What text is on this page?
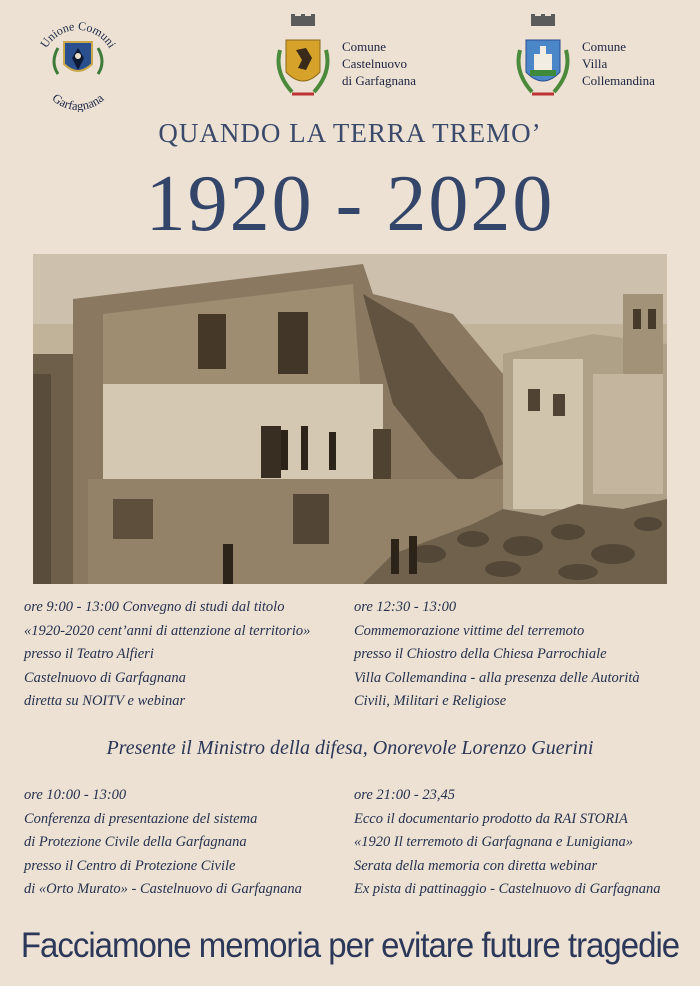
Unione Comuni
Garfagnana
Comune
Castelnuovo
di Garfagnana
Comune
Villa
Collemandina
QUANDO LA TERRA TREMO’
1920 - 2020
ore 9:00 - 13:00 Convegno di studi dal titolo
«1920-2020 cent’anni di attenzione al territorio»
presso il Teatro Alfieri
Castelnuovo di Garfagnana
diretta su NOITV e webinar
ore 12:30 - 13:00
Commemorazione vittime del terremoto
presso il Chiostro della Chiesa Parrochiale
Villa Collemandina - alla presenza delle Autorità
Civili, Militari e Religiose
Presente il Ministro della difesa, Onorevole Lorenzo Guerini
ore 10:00 - 13:00
Conferenza di presentazione del sistema
di Protezione Civile della Garfagnana
presso il Centro di Protezione Civile
di «Orto Murato» - Castelnuovo di Garfagnana
ore 21:00 - 23,45
Ecco il documentario prodotto da RAI STORIA
«1920 Il terremoto di Garfagnana e Lunigiana»
Serata della memoria con diretta webinar
Ex pista di pattinaggio - Castelnuovo di Garfagnana
Facciamone memoria per evitare future tragedie
